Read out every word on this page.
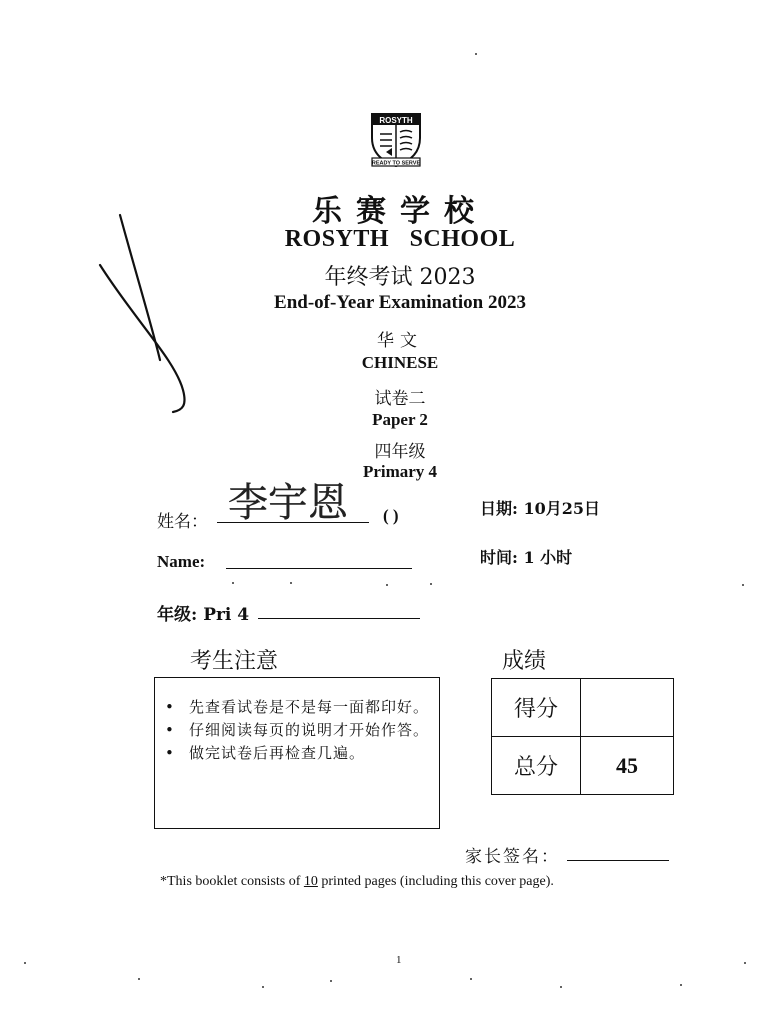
ROSYTH
READY TO SERVE
乐赛学校
ROSYTH SCHOOL
年终考试 2023
End-of-Year Examination 2023
华文
CHINESE
试卷二
Paper 2
四年级
Primary 4
姓名： 李宇恩 ( )	日期: 10月25日
Name:	时间: 1 小时
年级: Pri 4
考生注意
• 先查看试卷是不是每一面都印好。
• 仔细阅读每页的说明才开始作答。
• 做完试卷后再检查几遍。
成绩
得分	
总分	45
家长签名：
*This booklet consists of 10 printed pages (including this cover page).
1
